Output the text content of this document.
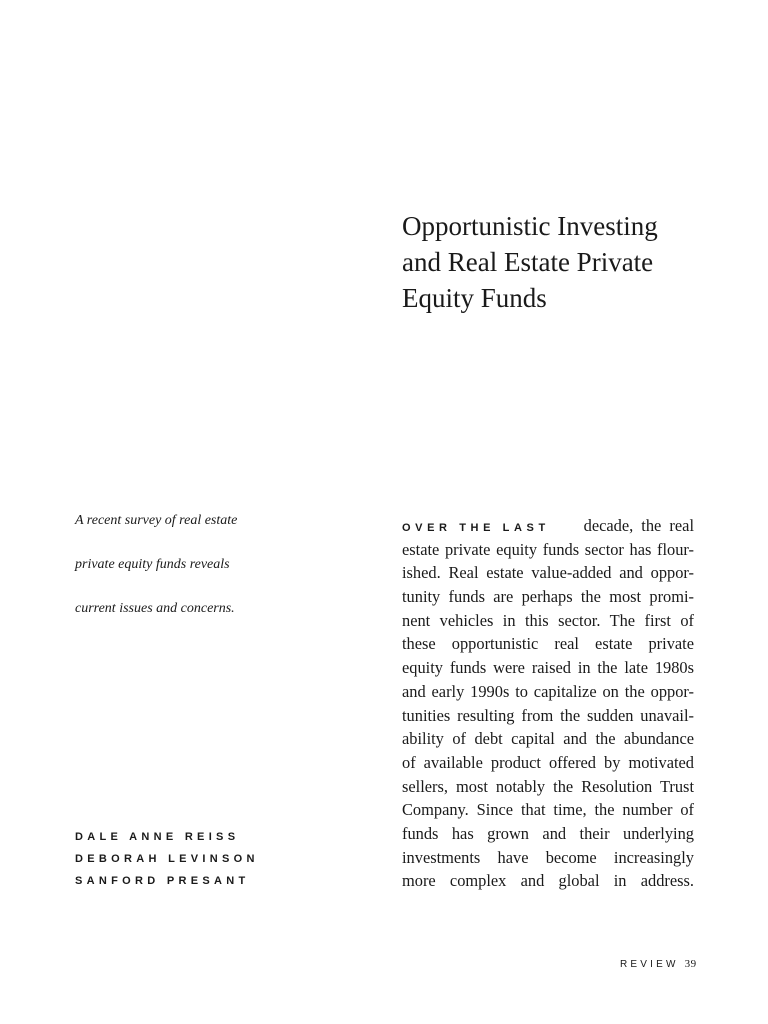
Opportunistic Investing
and Real Estate Private
Equity Funds
A recent survey of real estate
private equity funds reveals
current issues and concerns.
DALE ANNE REISS
DEBORAH LEVINSON
SANFORD PRESANT
OVER THE LAST decade, the real
estate private equity funds sector has flour-
ished. Real estate value-added and oppor-
tunity funds are perhaps the most promi-
nent vehicles in this sector. The first of
these opportunistic real estate private
equity funds were raised in the late 1980s
and early 1990s to capitalize on the oppor-
tunities resulting from the sudden unavail-
ability of debt capital and the abundance
of available product offered by motivated
sellers, most notably the Resolution Trust
Company. Since that time, the number of
funds has grown and their underlying
investments have become increasingly
more complex and global in address.
REVIEW 39
